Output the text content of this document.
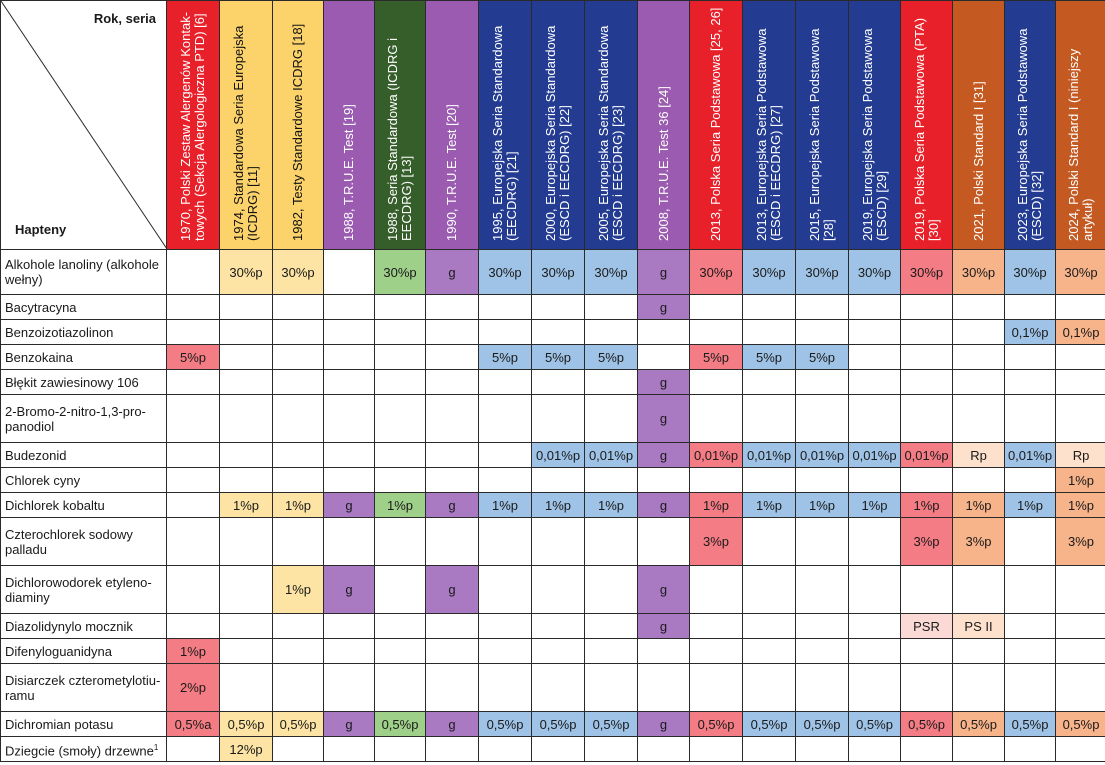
Rok, seria
Hapteny	1970, Polski Zestaw Alergenów Kontak-towych (Sekcja Alergologiczna PTD) [6]	1974, Standardowa Seria Europejska (ICDRG) [11]	1982, Testy Standardowe ICDRG [18]	1988, T.R.U.E. Test [19]	1988, Seria Standardowa (ICDRG i EECDRG) [13]	1990, T.R.U.E. Test [20]	1995, Europejska Seria Standardowa (EECDRG) [21]	2000, Europejska Seria Standardowa (ESCD i EECDRG) [22]	2005, Europejska Seria Standardowa (ESCD i EECDRG) [23]	2008, T.R.U.E. Test 36 [24]	2013, Polska Seria Podstawowa [25, 26]	2013, Europejska Seria Podstawowa (ESCD i EECDRG) [27]	2015, Europejska Seria Podstawowa [28]	2019, Europejska Seria Podstawowa (ESCD) [29]	2019, Polska Seria Podstawowa (PTA) [30]	2021, Polski Standard I [31]	2023, Europejska Seria Podstawowa (ESCD) [32]	2024, Polski Standard I (niniejszy artykuł)

Alkohole lanoliny (alkohole wełny)		30%p	30%p		30%p	g	30%p	30%p	30%p	g	30%p	30%p	30%p	30%p	30%p	30%p	30%p	30%p
Bacytracyna										g								
Benzoizotiazolinon																	0,1%p	0,1%p
Benzokaina	5%p						5%p	5%p	5%p		5%p	5%p	5%p					
Błękit zawiesinowy 106										g								
2-Bromo-2-nitro-1,3-pro-panodiol										g								
Budezonid								0,01%p	0,01%p	g	0,01%p	0,01%p	0,01%p	0,01%p	0,01%p	Rp	0,01%p	Rp
Chlorek cyny																		1%p
Dichlorek kobaltu		1%p	1%p	g	1%p	g	1%p	1%p	1%p	g	1%p	1%p	1%p	1%p	1%p	1%p	1%p	1%p
Czterochlorek sodowy palladu											3%p				3%p	3%p		3%p
Dichlorowodorek etyleno-diaminy			1%p	g		g				g								
Diazolidynylo mocznik										g					PSR	PS II		
Difenyloguanidyna	1%p																	
Disiarczek czterometylotiu-ramu	2%p																	
Dichromian potasu	0,5%a	0,5%p	0,5%p	g	0,5%p	g	0,5%p	0,5%p	0,5%p	g	0,5%p	0,5%p	0,5%p	0,5%p	0,5%p	0,5%p	0,5%p	0,5%p
Dziegcie (smoły) drzewne$^1$		12%p																
